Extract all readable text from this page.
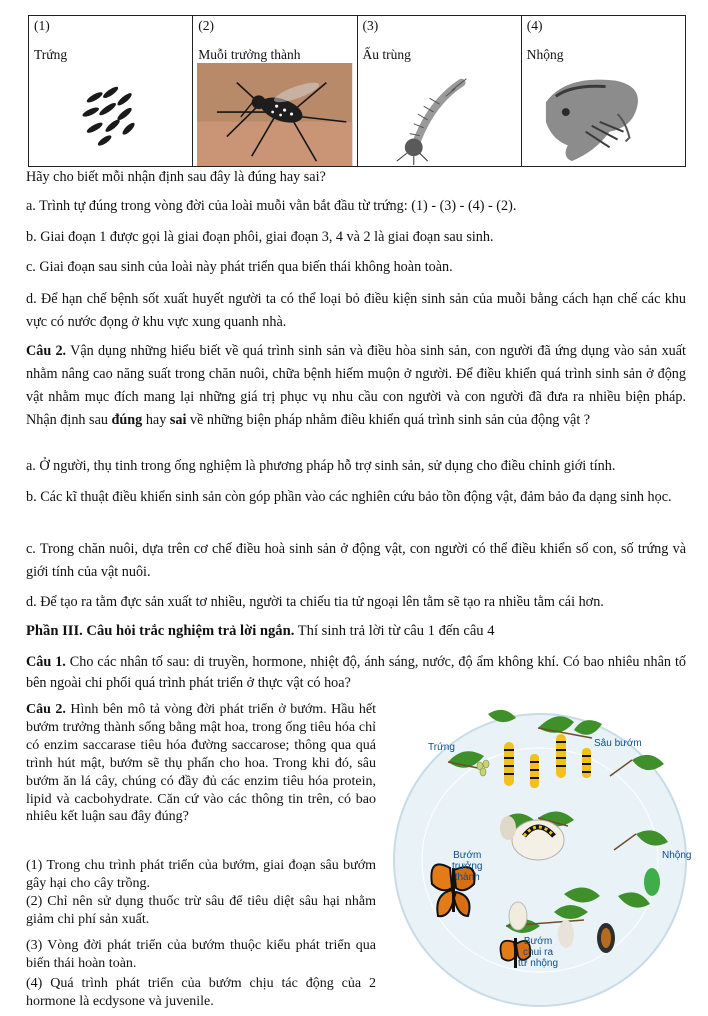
(1)
Trứng
(2)
Muỗi trưởng thành
(3)
Ấu trùng
(4)
Nhộng
Hãy cho biết mỗi nhận định sau đây là đúng hay sai?
a. Trình tự đúng trong vòng đời của loài muỗi vằn bắt đầu từ trứng: (1) - (3) - (4) - (2).
b. Giai đoạn 1 được gọi là giai đoạn phôi, giai đoạn 3, 4 và 2 là giai đoạn sau sinh.
c. Giai đoạn sau sinh của loài này phát triển qua biến thái không hoàn toàn.
d. Để hạn chế bệnh sốt xuất huyết người ta có thể loại bỏ điều kiện sinh sản của muỗi bằng cách hạn chế các khu vực có nước đọng ở khu vực xung quanh nhà.
Câu 2. Vận dụng những hiểu biết về quá trình sinh sản và điều hòa sinh sản, con người đã ứng dụng vào sản xuất nhằm nâng cao năng suất trong chăn nuôi, chữa bệnh hiếm muộn ở người. Để điều khiển quá trình sinh sản ở động vật nhằm mục đích mang lại những giá trị phục vụ nhu cầu con người và con người đã đưa ra nhiều biện pháp. Nhận định sau đúng hay sai về những biện pháp nhằm điều khiển quá trình sinh sản của động vật ?
a. Ở người, thụ tinh trong ống nghiệm là phương pháp hỗ trợ sinh sản, sử dụng cho điều chỉnh giới tính.
b. Các kĩ thuật điều khiển sinh sản còn góp phần vào các nghiên cứu bảo tồn động vật, đảm bảo đa dạng sinh học.
c. Trong chăn nuôi, dựa trên cơ chế điều hoà sinh sản ở động vật, con người có thể điều khiển số con, số trứng và giới tính của vật nuôi.
d. Để tạo ra tằm đực sản xuất tơ nhiều, người ta chiếu tia tử ngoại lên tằm sẽ tạo ra nhiều tằm cái hơn.
Phần III. Câu hỏi trắc nghiệm trả lời ngắn. Thí sinh trả lời từ câu 1 đến câu 4
Câu 1. Cho các nhân tố sau: di truyền, hormone, nhiệt độ, ánh sáng, nước, độ ẩm không khí. Có bao nhiêu nhân tố bên ngoài chi phối quá trình phát triển ở thực vật có hoa?
Câu 2. Hình bên mô tả vòng đời phát triển ở bướm. Hầu hết bướm trưởng thành sống bằng mật hoa, trong ống tiêu hóa chỉ có enzim saccarase tiêu hóa đường saccarose; thông qua quá trình hút mật, bướm sẽ thụ phấn cho hoa. Trong khi đó, sâu bướm ăn lá cây, chúng có đầy đủ các enzim tiêu hóa protein, lipid và cacbohydrate. Căn cứ vào các thông tin trên, có bao nhiêu kết luận sau đây đúng?
(1) Trong chu trình phát triển của bướm, giai đoạn sâu bướm gây hại cho cây trồng.
(2) Chỉ nên sử dụng thuốc trừ sâu để tiêu diệt sâu hại nhằm giảm chi phí sản xuất.
(3) Vòng đời phát triển của bướm thuộc kiểu phát triển qua biến thái hoàn toàn.
(4) Quá trình phát triển của bướm chịu tác động của 2 hormone là ecdysone và juvenile.
Trứng	Sâu bướm
Nhộng
Bướm
trưởng
thành
Bướm
chui ra
từ nhộng
